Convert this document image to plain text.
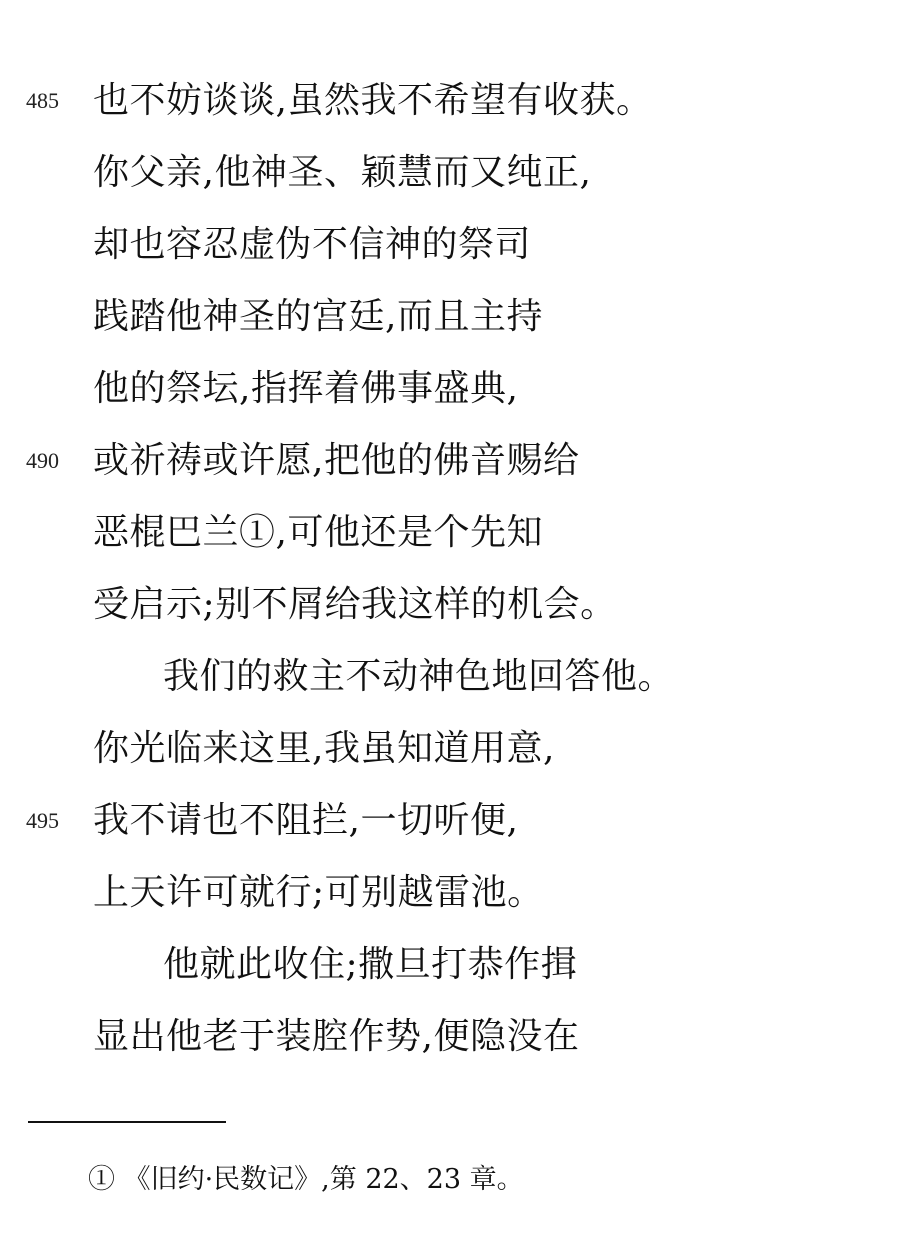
485 也不妨谈谈,虽然我不希望有收获。
你父亲,他神圣、颖慧而又纯正,
却也容忍虚伪不信神的祭司
践踏他神圣的宫廷,而且主持
他的祭坛,指挥着佛事盛典,
490 或祈祷或许愿,把他的佛音赐给
恶棍巴兰①,可他还是个先知
受启示;别不屑给我这样的机会。
我们的救主不动神色地回答他。
你光临来这里,我虽知道用意,
495 我不请也不阻拦,一切听便,
上天许可就行;可别越雷池。
他就此收住;撒旦打恭作揖
显出他老于装腔作势,便隐没在
① 《旧约·民数记》,第 22、23 章。
